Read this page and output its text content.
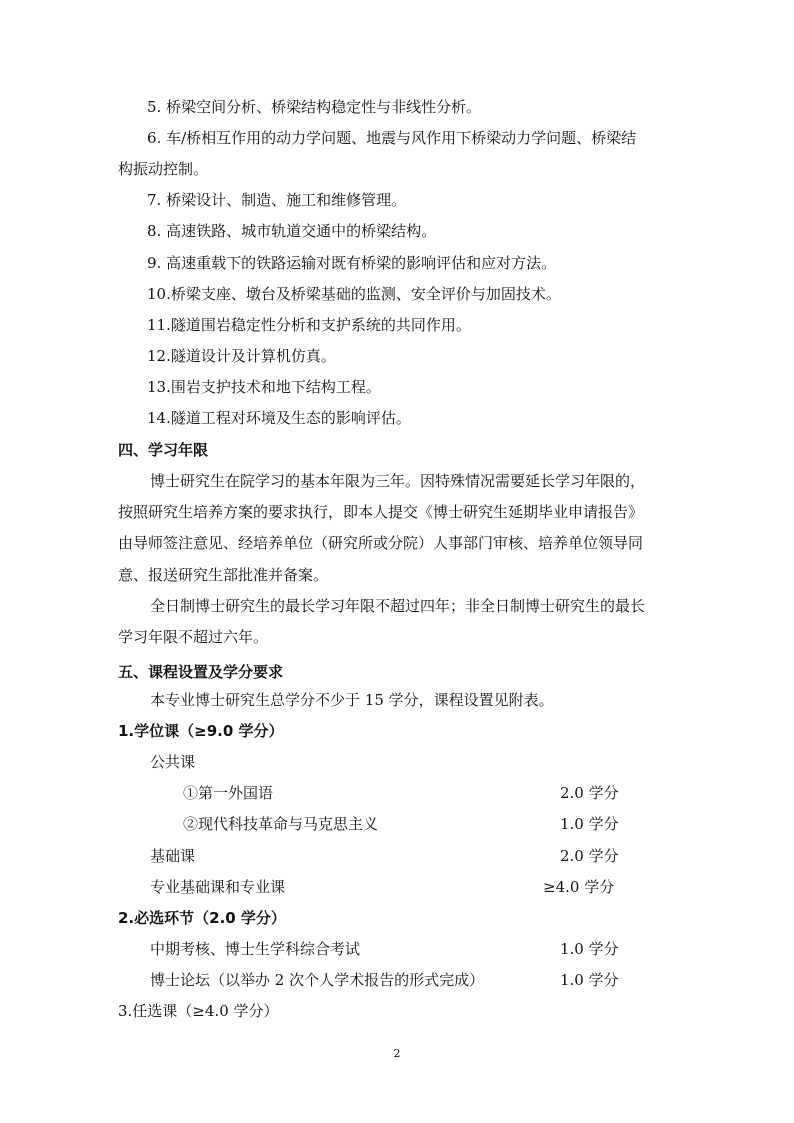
5. 桥梁空间分析、桥梁结构稳定性与非线性分析。
6. 车/桥相互作用的动力学问题、地震与风作用下桥梁动力学问题、桥梁结
构振动控制。
7. 桥梁设计、制造、施工和维修管理。
8. 高速铁路、城市轨道交通中的桥梁结构。
9. 高速重载下的铁路运输对既有桥梁的影响评估和应对方法。
10.桥梁支座、墩台及桥梁基础的监测、安全评价与加固技术。
11.隧道围岩稳定性分析和支护系统的共同作用。
12.隧道设计及计算机仿真。
13.围岩支护技术和地下结构工程。
14.隧道工程对环境及生态的影响评估。
四、学习年限
博士研究生在院学习的基本年限为三年。因特殊情况需要延长学习年限的，
按照研究生培养方案的要求执行，即本人提交《博士研究生延期毕业申请报告》
由导师签注意见、经培养单位（研究所或分院）人事部门审核、培养单位领导同
意、报送研究生部批准并备案。
全日制博士研究生的最长学习年限不超过四年；非全日制博士研究生的最长
学习年限不超过六年。
五、课程设置及学分要求
本专业博士研究生总学分不少于 15 学分，课程设置见附表。
1.学位课（≥9.0 学分）
公共课
①第一外国语	2.0 学分
②现代科技革命与马克思主义	1.0 学分
基础课	2.0 学分
专业基础课和专业课	≥4.0 学分
2.必选环节（2.0 学分）
中期考核、博士生学科综合考试	1.0 学分
博士论坛（以举办 2 次个人学术报告的形式完成）	1.0 学分
3.任选课（≥4.0 学分）
2
